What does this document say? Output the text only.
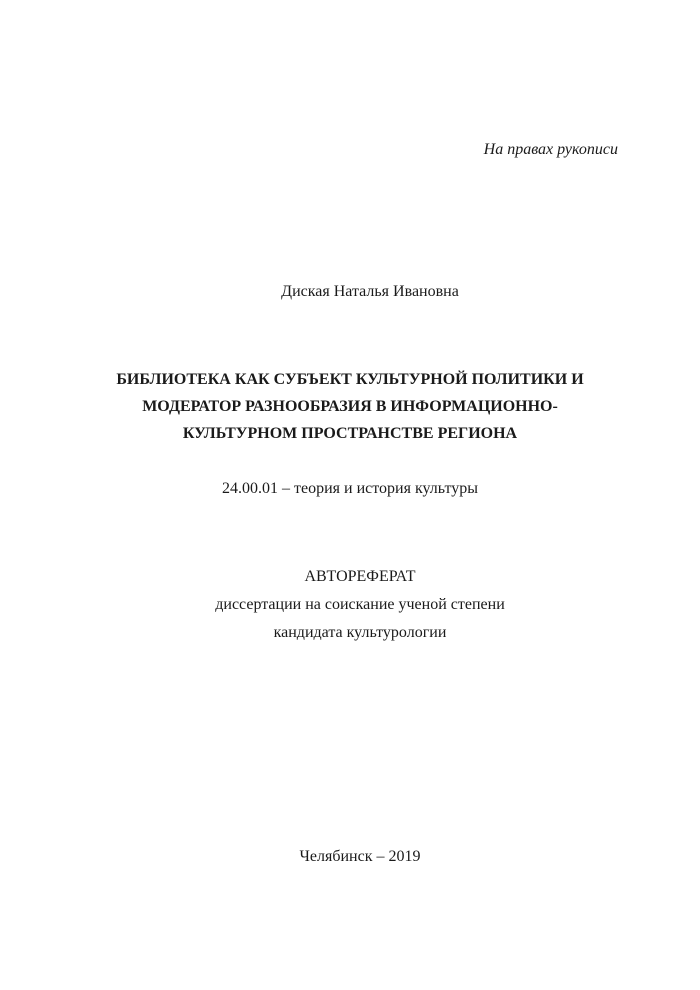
На правах рукописи
Диская Наталья Ивановна
БИБЛИОТЕКА КАК СУБЪЕКТ КУЛЬТУРНОЙ ПОЛИТИКИ И
МОДЕРАТОР РАЗНООБРАЗИЯ В ИНФОРМАЦИОННО-
КУЛЬТУРНОМ ПРОСТРАНСТВЕ РЕГИОНА
24.00.01 – теория и история культуры
АВТОРЕФЕРАТ
диссертации на соискание ученой степени
кандидата культурологии
Челябинск – 2019
